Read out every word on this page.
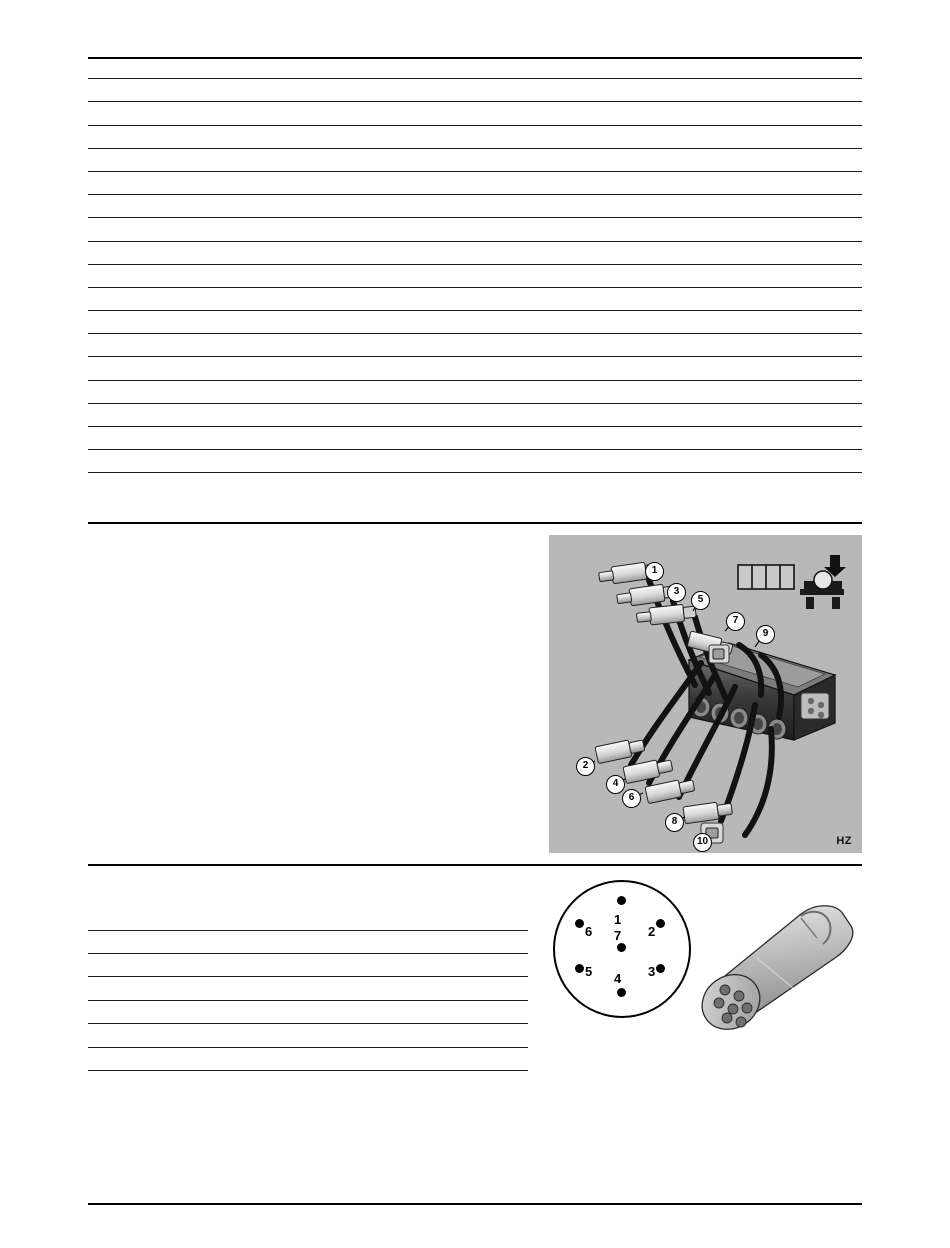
1
2
3
4
5
6
7
8
9
10	HZ
1
2
3
4
5
6 7
